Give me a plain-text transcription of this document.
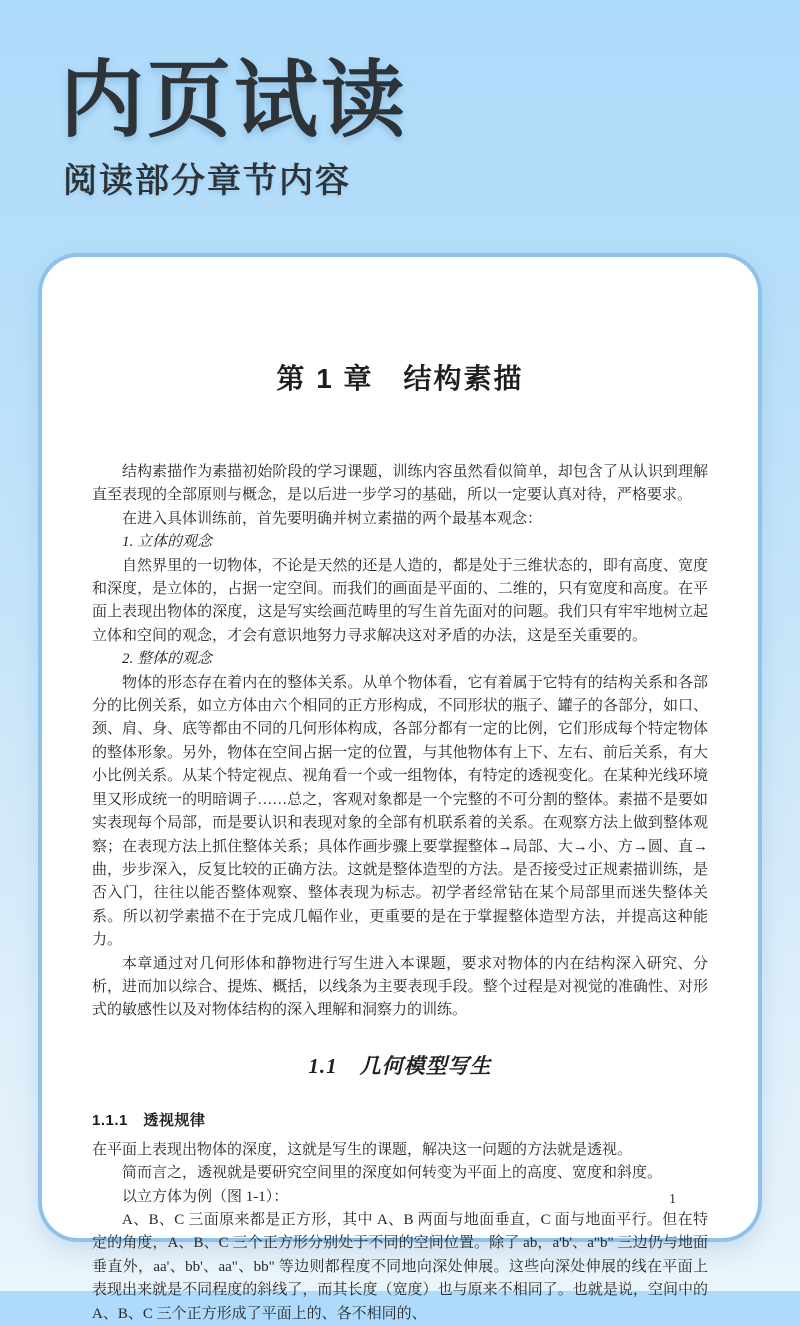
内页试读
阅读部分章节内容
第 1 章　结构素描

结构素描作为素描初始阶段的学习课题，训练内容虽然看似简单，却包含了从认识到理解直至表现的全部原则与概念，是以后进一步学习的基础，所以一定要认真对待，严格要求。

在进入具体训练前，首先要明确并树立素描的两个最基本观念：

1. 立体的观念

自然界里的一切物体，不论是天然的还是人造的，都是处于三维状态的，即有高度、宽度和深度，是立体的，占据一定空间。而我们的画面是平面的、二维的，只有宽度和高度。在平面上表现出物体的深度，这是写实绘画范畴里的写生首先面对的问题。我们只有牢牢地树立起立体和空间的观念，才会有意识地努力寻求解决这对矛盾的办法，这是至关重要的。

2. 整体的观念

物体的形态存在着内在的整体关系。从单个物体看，它有着属于它特有的结构关系和各部分的比例关系，如立方体由六个相同的正方形构成，不同形状的瓶子、罐子的各部分，如口、颈、肩、身、底等都由不同的几何形体构成，各部分都有一定的比例，它们形成每个特定物体的整体形象。另外，物体在空间占据一定的位置，与其他物体有上下、左右、前后关系，有大小比例关系。从某个特定视点、视角看一个或一组物体，有特定的透视变化。在某种光线环境里又形成统一的明暗调子……总之，客观对象都是一个完整的不可分割的整体。素描不是要如实表现每个局部，而是要认识和表现对象的全部有机联系着的关系。在观察方法上做到整体观察；在表现方法上抓住整体关系；具体作画步骤上要掌握整体→局部、大→小、方→圆、直→曲，步步深入，反复比较的正确方法。这就是整体造型的方法。是否接受过正规素描训练，是否入门，往往以能否整体观察、整体表现为标志。初学者经常钻在某个局部里而迷失整体关系。所以初学素描不在于完成几幅作业，更重要的是在于掌握整体造型方法，并提高这种能力。

本章通过对几何形体和静物进行写生进入本课题，要求对物体的内在结构深入研究、分析，进而加以综合、提炼、概括，以线条为主要表现手段。整个过程是对视觉的准确性、对形式的敏感性以及对物体结构的深入理解和洞察力的训练。

1.1　几何模型写生
1.1.1　透视规律

在平面上表现出物体的深度，这就是写生的课题，解决这一问题的方法就是透视。

简而言之，透视就是要研究空间里的深度如何转变为平面上的高度、宽度和斜度。

以立方体为例（图 1-1）：

A、B、C 三面原来都是正方形，其中 A、B 两面与地面垂直，C 面与地面平行。但在特定的角度，A、B、C 三个正方形分别处于不同的空间位置。除了 ab，a'b'、a"b" 三边仍与地面垂直外，aa'、bb'、aa"、bb" 等边则都程度不同地向深处伸展。这些向深处伸展的线在平面上表现出来就是不同程度的斜线了，而其长度（宽度）也与原来不相同了。也就是说，空间中的 A、B、C 三个正方形成了平面上的、各不相同的、

1
